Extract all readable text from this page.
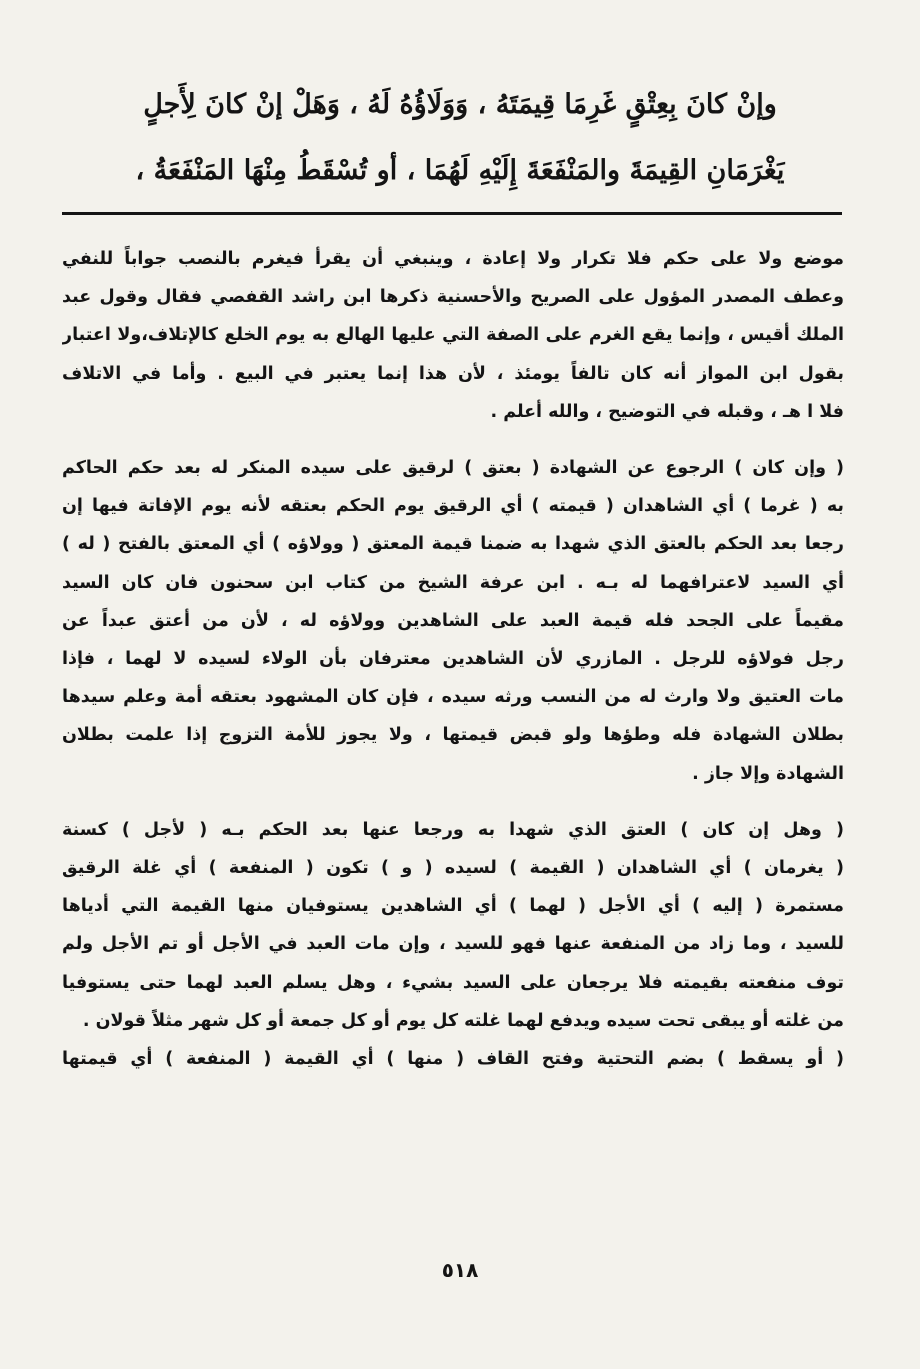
وإنْ كانَ بِعِتْقٍ غَرِمَا قِيمَتَهُ ، وَوَلَاؤُهُ لَهُ ، وَهَلْ إنْ كانَ لِأَجلٍ
يَغْرَمَانِ القِيمَةَ والمَنْفَعَةَ إِلَيْهِ لَهُمَا ، أو تُسْقَطُ مِنْهَا المَنْفَعَةُ ،
موضع ولا على حكم فلا تكرار ولا إعادة ، وينبغي أن يقرأ فيغرم بالنصب جواباً للنفي
وعطف المصدر المؤول على الصريح والأحسنية ذكرها ابن راشد القفصي فقال وقول عبد
الملك أقيس ، وإنما يقع الغرم على الصفة التي عليها الهالع به يوم الخلع كالإتلاف،ولا اعتبار
بقول ابن المواز أنه كان تالفاً يومئذ ، لأن هذا إنما يعتبر في البيع . وأما في الاتلاف
فلا ا هـ ، وقبله في التوضيح ، والله أعلم .
( وإن كان ) الرجوع عن الشهادة ( بعتق ) لرقيق على سيده المنكر له بعد حكم الحاكم
به ( غرما ) أي الشاهدان ( قيمته ) أي الرقيق يوم الحكم بعتقه لأنه يوم الإفاتة فيها إن
رجعا بعد الحكم بالعتق الذي شهدا به ضمنا قيمة المعتق ( وولاؤه ) أي المعتق بالفتح ( له )
أي السيد لاعترافهما له بـه . ابن عرفة الشيخ من كتاب ابن سحنون فان كان السيد
مقيماً على الجحد فله قيمة العبد على الشاهدين وولاؤه له ، لأن من أعتق عبداً عن
رجل فولاؤه للرجل . المازري لأن الشاهدين معترفان بأن الولاء لسيده لا لهما ، فإذا
مات العتيق ولا وارث له من النسب ورثه سيده ، فإن كان المشهود بعتقه أمة وعلم سيدها
بطلان الشهادة فله وطؤها ولو قبض قيمتها ، ولا يجوز للأمة التزوج إذا علمت بطلان
الشهادة وإلا جاز .
( وهل إن كان ) العتق الذي شهدا به ورجعا عنها بعد الحكم بـه ( لأجل ) كسنة
( يغرمان ) أي الشاهدان ( القيمة ) لسيده ( و ) تكون ( المنفعة ) أي غلة الرقيق
مستمرة ( إليه ) أي الأجل ( لهما ) أي الشاهدين يستوفيان منها القيمة التي أدياها
للسيد ، وما زاد من المنفعة عنها فهو للسيد ، وإن مات العبد في الأجل أو تم الأجل ولم
توف منفعته بقيمته فلا يرجعان على السيد بشيء ، وهل يسلم العبد لهما حتى يستوفيا
من غلته أو يبقى تحت سيده ويدفع لهما غلته كل يوم أو كل جمعة أو كل شهر مثلاً قولان .
( أو يسقط ) بضم التحتية وفتح القاف ( منها ) أي القيمة ( المنفعة ) أي قيمتها
٥١٨
